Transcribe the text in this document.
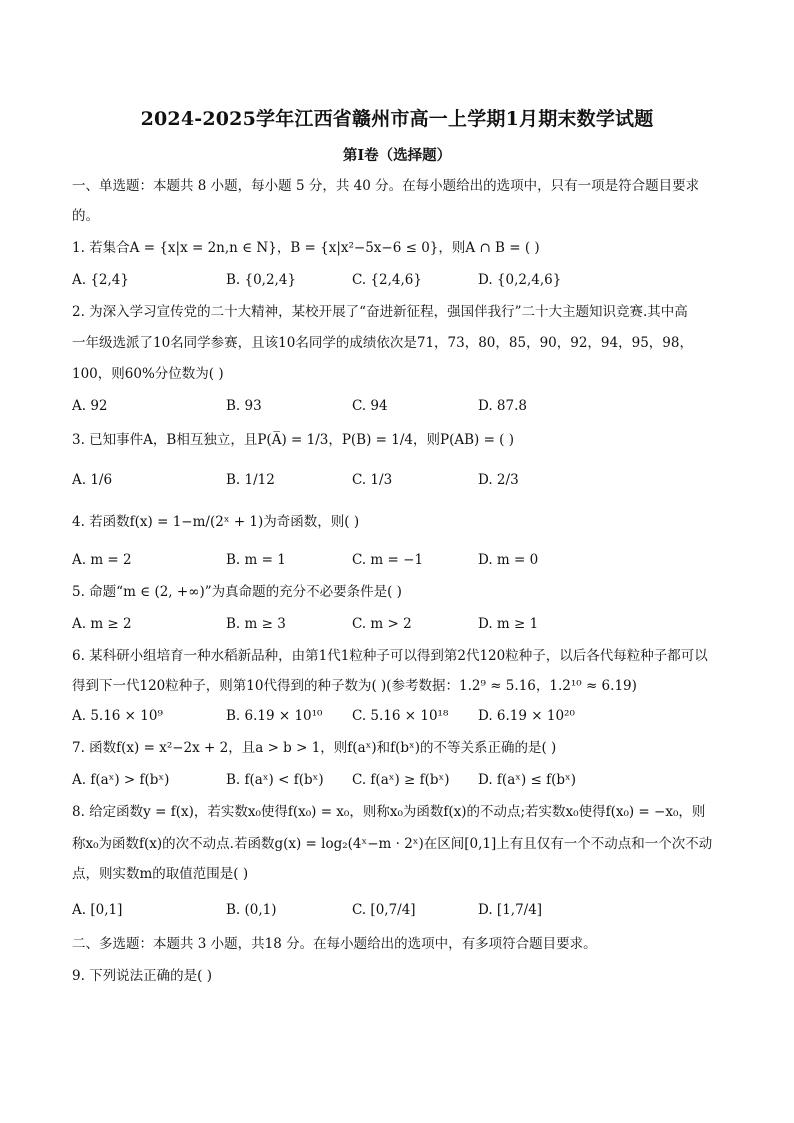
2024-2025学年江西省赣州市高一上学期1月期末数学试题
第I卷（选择题）
一、单选题：本题共 8 小题，每小题 5 分，共 40 分。在每小题给出的选项中，只有一项是符合题目要求
的。
1. 若集合A = {x|x = 2n,n ∈ N}，B = {x|x²−5x−6 ≤ 0}，则A ∩ B = ( )
A. {2,4}	B. {0,2,4}	C. {2,4,6}	D. {0,2,4,6}
2. 为深入学习宣传党的二十大精神，某校开展了“奋进新征程，强国伴我行”二十大主题知识竞赛.其中高
一年级选派了10名同学参赛，且该10名同学的成绩依次是71，73，80，85，90，92，94，95，98，
100，则60%分位数为( )
A. 92	B. 93	C. 94	D. 87.8
3. 已知事件A，B相互独立，且P(A̅) = 1/3，P(B) = 1/4，则P(AB) = ( )
A. 1/6	B. 1/12	C. 1/3	D. 2/3
4. 若函数f(x) = 1−m/(2ˣ + 1)为奇函数，则( )
A. m = 2	B. m = 1	C. m = −1	D. m = 0
5. 命题“m ∈ (2, +∞)”为真命题的充分不必要条件是( )
A. m ≥ 2	B. m ≥ 3	C. m > 2	D. m ≥ 1
6. 某科研小组培育一种水稻新品种，由第1代1粒种子可以得到第2代120粒种子，以后各代每粒种子都可以
得到下一代120粒种子，则第10代得到的种子数为( )(参考数据：1.2⁹ ≈ 5.16，1.2¹⁰ ≈ 6.19)
A. 5.16 × 10⁹	B. 6.19 × 10¹⁰ C. 5.16 × 10¹⁸ D. 6.19 × 10²⁰
7. 函数f(x) = x²−2x + 2，且a > b > 1，则f(aˣ)和f(bˣ)的不等关系正确的是( )
A. f(aˣ) > f(bˣ)	B. f(aˣ) < f(bˣ) C. f(aˣ) ≥ f(bˣ) D. f(aˣ) ≤ f(bˣ)
8. 给定函数y = f(x)，若实数x₀使得f(x₀) = x₀，则称x₀为函数f(x)的不动点;若实数x₀使得f(x₀) = −x₀，则
称x₀为函数f(x)的次不动点.若函数g(x) = log₂(4ˣ−m · 2ˣ)在区间[0,1]上有且仅有一个不动点和一个次不动
点，则实数m的取值范围是( )
A. [0,1]	B. (0,1)	C. [0,7/4]	D. [1,7/4]
二、多选题：本题共 3 小题，共18 分。在每小题给出的选项中，有多项符合题目要求。
9. 下列说法正确的是( )
